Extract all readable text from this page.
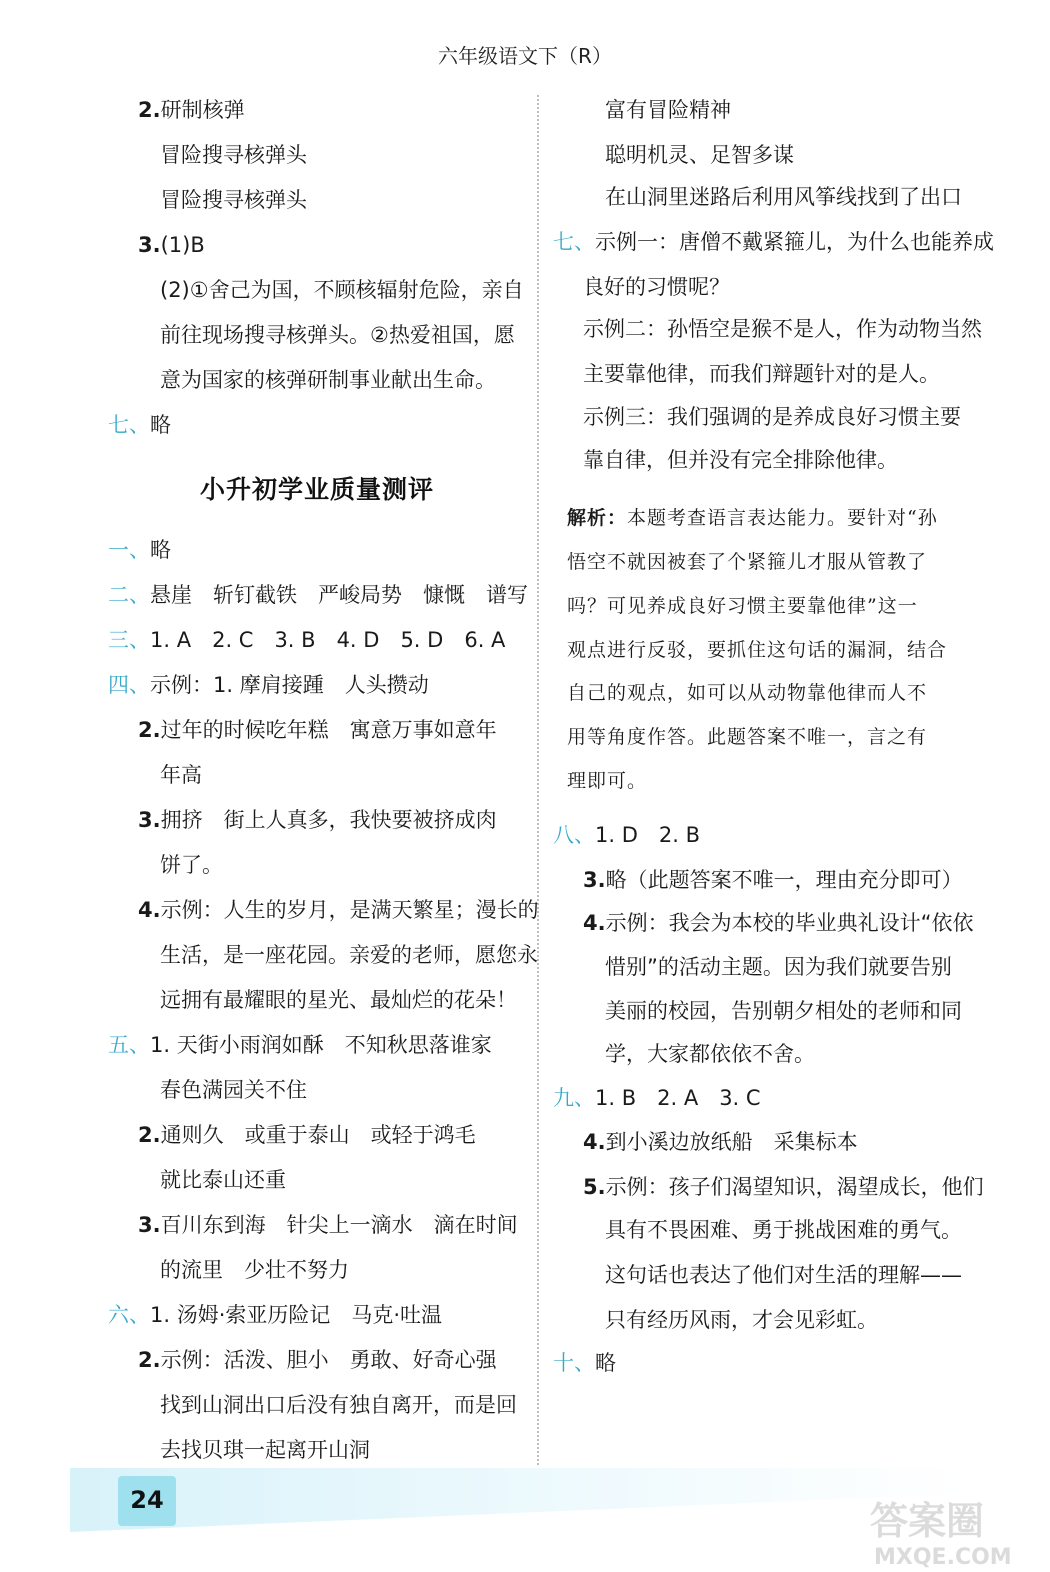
六年级语文下（R）
2.研制核弹
冒险搜寻核弹头
冒险搜寻核弹头
3.(1)B
(2)①舍己为国，不顾核辐射危险，亲自
前往现场搜寻核弹头。②热爱祖国，愿
意为国家的核弹研制事业献出生命。
七、略
小升初学业质量测评
一、略
二、悬崖　斩钉截铁　严峻局势　慷慨　谱写
三、1. A　2. C　3. B　4. D　5. D　6. A
四、示例：1. 摩肩接踵　人头攒动
2.过年的时候吃年糕　寓意万事如意年
年高
3.拥挤　街上人真多，我快要被挤成肉
饼了。
4.示例：人生的岁月，是满天繁星；漫长的
生活，是一座花园。亲爱的老师，愿您永
远拥有最耀眼的星光、最灿烂的花朵！
五、1. 天街小雨润如酥　不知秋思落谁家
春色满园关不住
2.通则久　或重于泰山　或轻于鸿毛
就比泰山还重
3.百川东到海　针尖上一滴水　滴在时间
的流里　少壮不努力
六、1. 汤姆·索亚历险记　马克·吐温
2.示例：活泼、胆小　勇敢、好奇心强
找到山洞出口后没有独自离开，而是回
去找贝琪一起离开山洞
富有冒险精神
聪明机灵、足智多谋
在山洞里迷路后利用风筝线找到了出口
七、示例一：唐僧不戴紧箍儿，为什么也能养成
良好的习惯呢？
示例二：孙悟空是猴不是人，作为动物当然
主要靠他律，而我们辩题针对的是人。
示例三：我们强调的是养成良好习惯主要
靠自律，但并没有完全排除他律。
解析：本题考查语言表达能力。要针对“孙
悟空不就因被套了个紧箍儿才服从管教了
吗？可见养成良好习惯主要靠他律”这一
观点进行反驳，要抓住这句话的漏洞，结合
自己的观点，如可以从动物靠他律而人不
用等角度作答。此题答案不唯一，言之有
理即可。
八、1. D　2. B
3.略（此题答案不唯一，理由充分即可）
4.示例：我会为本校的毕业典礼设计“依依
惜别”的活动主题。因为我们就要告别
美丽的校园，告别朝夕相处的老师和同
学，大家都依依不舍。
九、1. B　2. A　3. C
4.到小溪边放纸船　采集标本
5.示例：孩子们渴望知识，渴望成长，他们
具有不畏困难、勇于挑战困难的勇气。
这句话也表达了他们对生活的理解——
只有经历风雨，才会见彩虹。
十、略
24	答案圈
MXQE.COM
